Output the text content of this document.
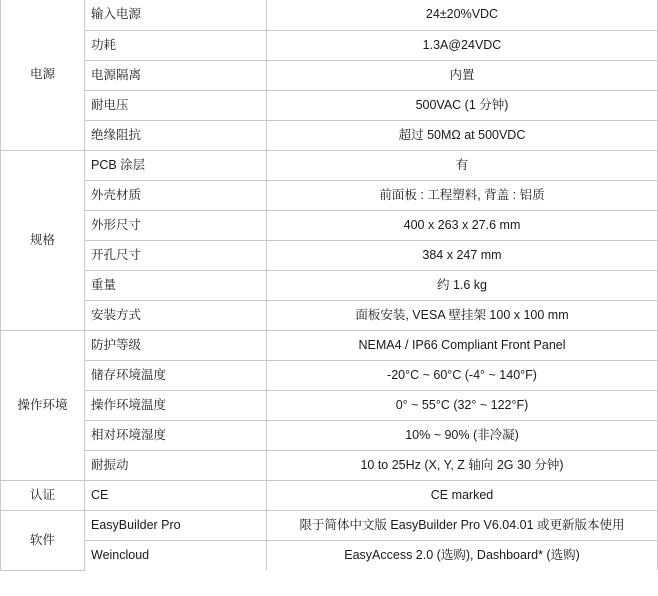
电源	输入电源	24±20%VDC
	功耗	1.3A@24VDC
	电源隔离	内置
	耐电压	500VAC (1 分钟)
	绝缘阻抗	超过 50MΩ at 500VDC
规格	PCB 涂层	有
	外壳材质	前面板 : 工程塑料, 背盖 : 铝质
	外形尺寸	400 x 263 x 27.6 mm
	开孔尺寸	384 x 247 mm
	重量	约 1.6 kg
	安装方式	面板安装, VESA 壁挂架 100 x 100 mm
操作环境	防护等级	NEMA4 / IP66 Compliant Front Panel
	储存环境温度	-20°C ~ 60°C (-4° ~ 140°F)
	操作环境温度	0° ~ 55°C (32° ~ 122°F)
	相对环境湿度	10% ~ 90% (非冷凝)
	耐振动	10 to 25Hz (X, Y, Z 轴向 2G 30 分钟)
认证	CE	CE marked
软件	EasyBuilder Pro	限于简体中文版 EasyBuilder Pro V6.04.01 或更新版本使用
	Weincloud	EasyAccess 2.0 (选购), Dashboard* (选购)
